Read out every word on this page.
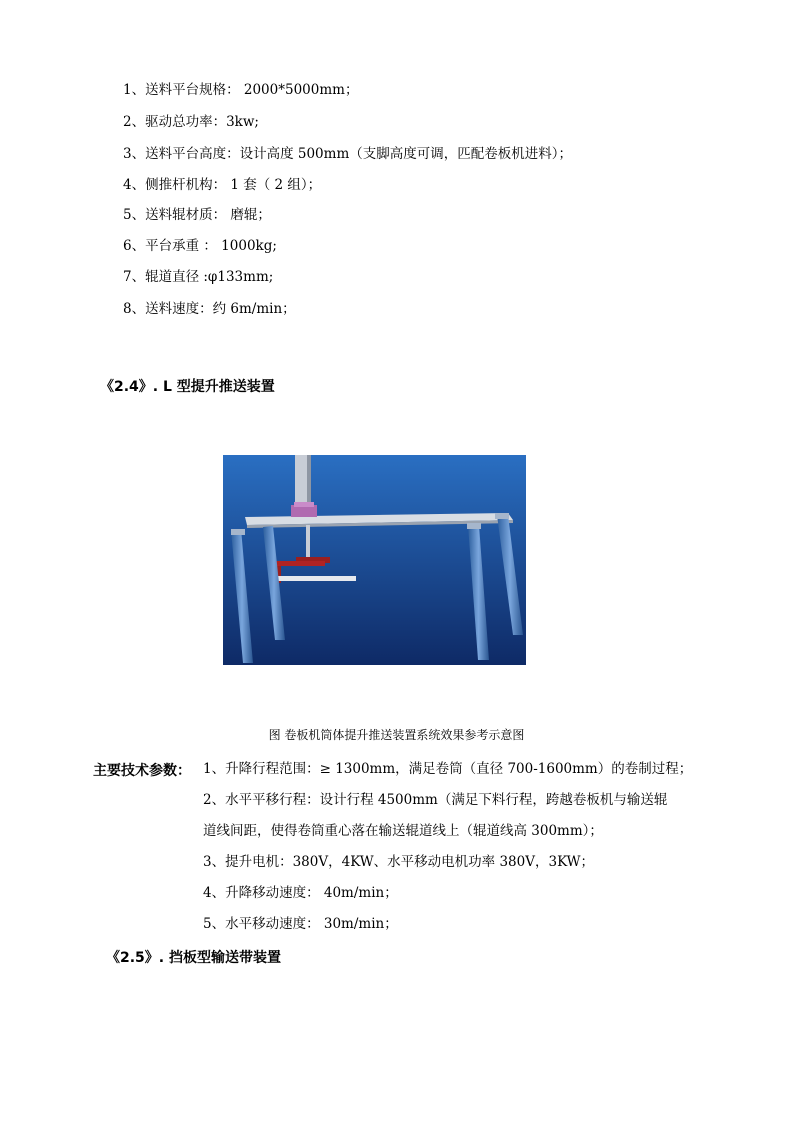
1、送料平台规格： 2000*5000mm；
2、驱动总功率：3kw;
3、送料平台高度：设计高度 500mm（支脚高度可调，匹配卷板机进料）；
4、侧推杆机构： 1 套（ 2 组）；
5、送料辊材质： 磨辊；
6、平台承重 ： 1000kg;
7、辊道直径 :φ133mm;
8、送料速度：约 6m/min；
《2.4》. L 型提升推送装置
图 卷板机筒体提升推送装置系统效果参考示意图
主要技术参数： 1、升降行程范围：≥ 1300mm，满足卷筒（直径 700-1600mm）的卷制过程；
2、水平平移行程：设计行程 4500mm（满足下料行程，跨越卷板机与输送辊
道线间距，使得卷筒重心落在输送辊道线上（辊道线高 300mm）；
3、提升电机：380V，4KW、水平移动电机功率 380V，3KW；
4、升降移动速度： 40m/min；
5、水平移动速度： 30m/min；
《2.5》. 挡板型输送带装置
